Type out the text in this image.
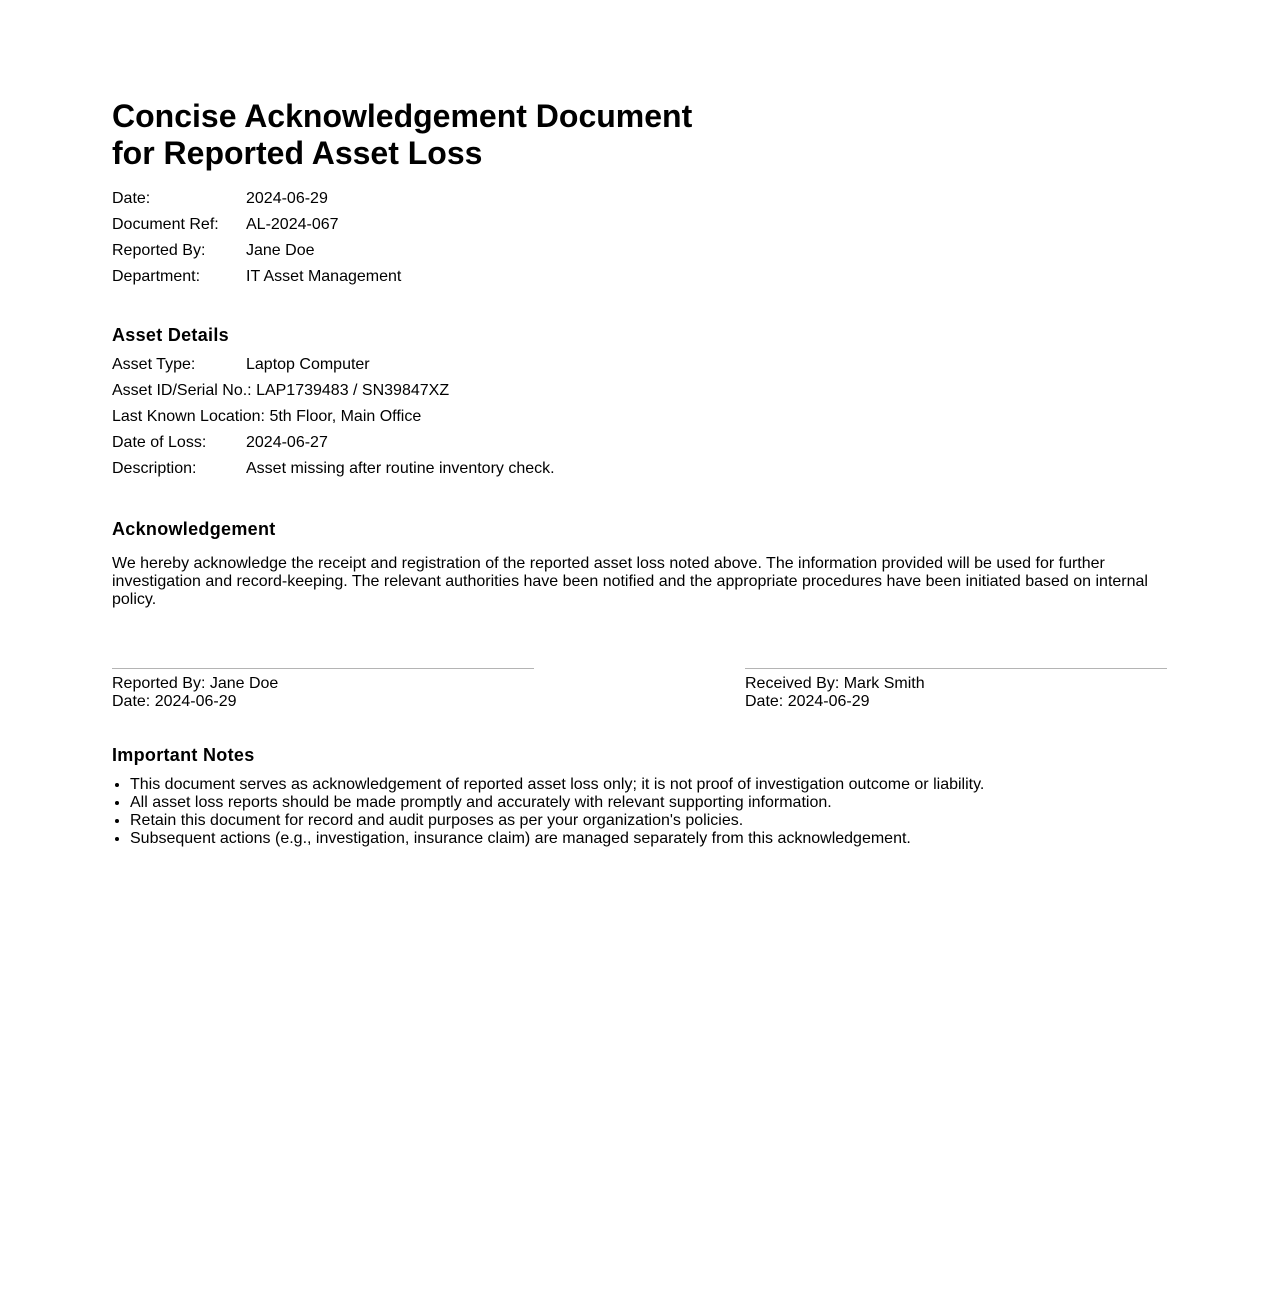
Concise Acknowledgement Document
for Reported Asset Loss
Date:	2024-06-29
Document Ref: AL-2024-067
Reported By:	Jane Doe
Department:	IT Asset Management
Asset Details
Asset Type:	Laptop Computer
Asset ID/Serial No.: LAP1739483 / SN39847XZ
Last Known Location: 5th Floor, Main Office
Date of Loss: 2024-06-27
Description:	Asset missing after routine inventory check.
Acknowledgement

We hereby acknowledge the receipt and registration of the reported asset loss noted above. The information provided will be used for further investigation and record-keeping. The relevant authorities have been notified and the appropriate procedures have been initiated based on internal policy.

Reported By: Jane Doe
Date: 2024-06-29
Received By: Mark Smith
Date: 2024-06-29
Important Notes
• This document serves as acknowledgement of reported asset loss only; it is not proof of investigation outcome or liability.
• All asset loss reports should be made promptly and accurately with relevant supporting information.
• Retain this document for record and audit purposes as per your organization's policies.
• Subsequent actions (e.g., investigation, insurance claim) are managed separately from this acknowledgement.
